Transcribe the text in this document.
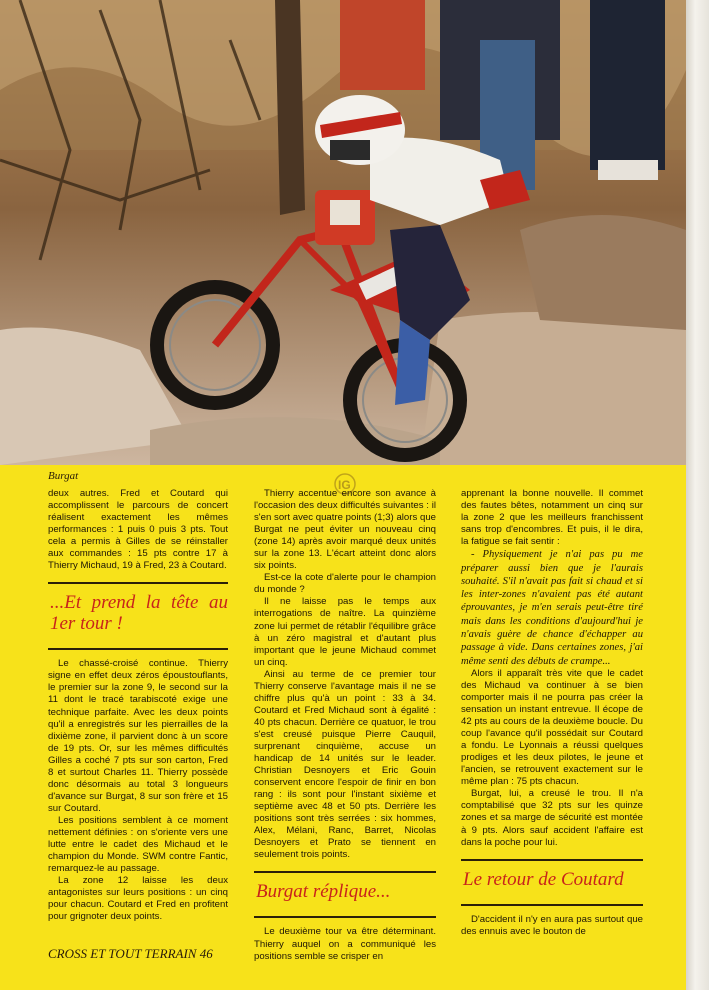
Burgat
IG

deux autres. Fred et Coutard qui accomplissent le parcours de concert réalisent exactement les mêmes performances : 1 puis 0 puis 3 pts. Tout cela a permis à Gilles de se réinstaller aux commandes : 15 pts contre 17 à Thierry Michaud, 19 à Fred, 23 à Coutard.

...Et prend la tête au 1er tour !

Le chassé-croisé continue. Thierry signe en effet deux zéros époustouflants, le premier sur la zone 9, le second sur la 11 dont le tracé tarabiscoté exige une technique parfaite. Avec les deux points qu'il a enregistrés sur les pierrailles de la dixième zone, il parvient donc à un score de 19 pts. Or, sur les mêmes difficultés Gilles a coché 7 pts sur son carton, Fred 8 et surtout Charles 11. Thierry possède donc désormais au total 3 longueurs d'avance sur Burgat, 8 sur son frère et 15 sur Coutard.

Les positions semblent à ce moment nettement définies : on s'oriente vers une lutte entre le cadet des Michaud et le champion du Monde. SWM contre Fantic, remarquez-le au passage.

La zone 12 laisse les deux antagonistes sur leurs positions : un cinq pour chacun. Coutard et Fred en profitent pour grignoter deux points.

Thierry accentue encore son avance à l'occasion des deux difficultés suivantes : il s'en sort avec quatre points (1;3) alors que Burgat ne peut éviter un nouveau cinq (zone 14) après avoir marqué deux unités sur la zone 13. L'écart atteint donc alors six points.

Est-ce la cote d'alerte pour le champion du monde ?

Il ne laisse pas le temps aux interrogations de naître. La quinzième zone lui permet de rétablir l'équilibre grâce à un zéro magistral et d'autant plus important que le jeune Michaud commet un cinq.

Ainsi au terme de ce premier tour Thierry conserve l'avantage mais il ne se chiffre plus qu'à un point : 33 à 34. Coutard et Fred Michaud sont à égalité : 40 pts chacun. Derrière ce quatuor, le trou s'est creusé puisque Pierre Cauquil, surprenant cinquième, accuse un handicap de 14 unités sur le leader. Christian Desnoyers et Eric Gouin conservent encore l'espoir de finir en bon rang : ils sont pour l'instant sixième et septième avec 48 et 50 pts. Derrière les positions sont très serrées : six hommes, Alex, Mélani, Ranc, Barret, Nicolas Desnoyers et Prato se tiennent en seulement trois points.

Burgat réplique...

Le deuxième tour va être déterminant. Thierry auquel on a communiqué les positions semble se crisper en

apprenant la bonne nouvelle. Il commet des fautes bêtes, notamment un cinq sur la zone 2 que les meilleurs franchissent sans trop d'encombres. Et puis, il le dira, la fatigue se fait sentir :

- Physiquement je n'ai pas pu me préparer aussi bien que je l'aurais souhaité. S'il n'avait pas fait si chaud et si les inter-zones n'avaient pas été autant éprouvantes, je m'en serais peut-être tiré mais dans les conditions d'aujourd'hui je n'avais guère de chance d'échapper au passage à vide. Dans certaines zones, j'ai même senti des débuts de crampe...

Alors il apparaît très vite que le cadet des Michaud va continuer à se bien comporter mais il ne pourra pas créer la sensation un instant entrevue. Il écope de 42 pts au cours de la deuxième boucle. Du coup l'avance qu'il possédait sur Coutard a fondu. Le Lyonnais a réussi quelques prodiges et les deux pilotes, le jeune et l'ancien, se retrouvent exactement sur le même plan : 75 pts chacun.

Burgat, lui, a creusé le trou. Il n'a comptabilisé que 32 pts sur les quinze zones et sa marge de sécurité est montée à 9 pts. Alors sauf accident l'affaire est dans la poche pour lui.

Le retour de Coutard

D'accident il n'y en aura pas surtout que des ennuis avec le bouton de

CROSS ET TOUT TERRAIN 46
